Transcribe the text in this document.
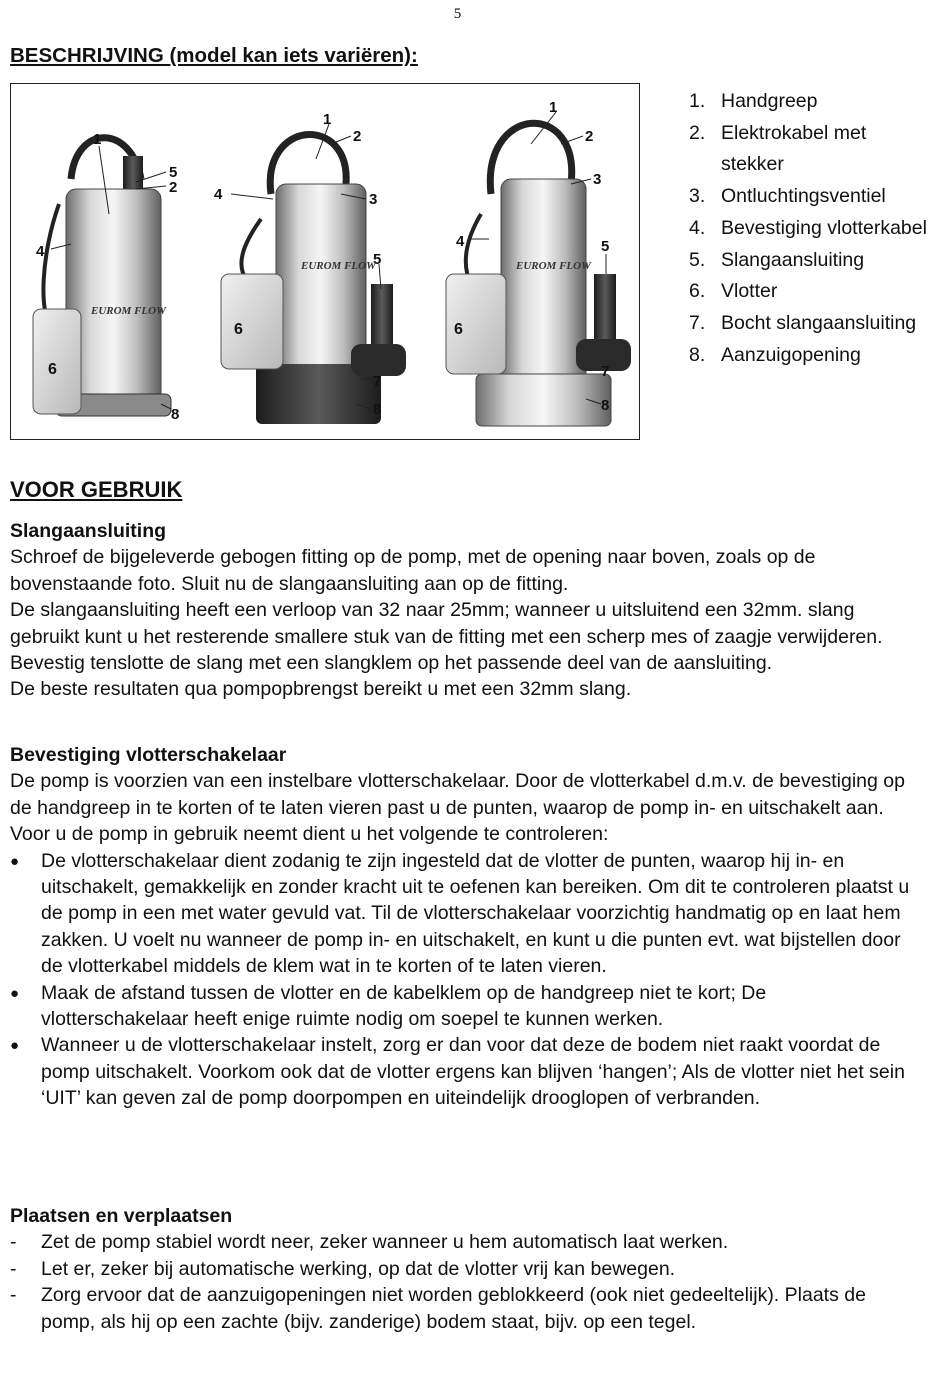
5
BESCHRIJVING (model kan iets variëren):
6
EUROM FLOW
6
EUROM FLOW
6
EUROM FLOW
1
5
2
4
8
1
2
3
4
5
7
8
1
2
3
4	5
7
8
1. Handgreep
2. Elektrokabel met stekker
3. Ontluchtingsventiel
4. Bevestiging vlotterkabel
5. Slangaansluiting
6. Vlotter
7. Bocht slangaansluiting
8. Aanzuigopening
VOOR GEBRUIK

Slangaansluiting

Schroef de bijgeleverde gebogen fitting op de pomp, met de opening naar boven, zoals op de bovenstaande foto. Sluit nu de slangaansluiting aan op de fitting.

De slangaansluiting heeft een verloop van 32 naar 25mm; wanneer u uitsluitend een 32mm. slang gebruikt kunt u het resterende smallere stuk van de fitting met een scherp mes of zaagje verwijderen. Bevestig tenslotte de slang met een slangklem op het passende deel van de aansluiting.

De beste resultaten qua pompopbrengst bereikt u met een 32mm slang.

Bevestiging vlotterschakelaar

De pomp is voorzien van een instelbare vlotterschakelaar. Door de vlotterkabel d.m.v. de bevestiging op de handgreep in te korten of te laten vieren past u de punten, waarop de pomp in- en uitschakelt aan.

Voor u de pomp in gebruik neemt dient u het volgende te controleren:

● De vlotterschakelaar dient zodanig te zijn ingesteld dat de vlotter de punten, waarop hij in- en uitschakelt, gemakkelijk en zonder kracht uit te oefenen kan bereiken. Om dit te controleren plaatst u de pomp in een met water gevuld vat. Til de vlotterschakelaar voorzichtig handmatig op en laat hem zakken. U voelt nu wanneer de pomp in- en uitschakelt, en kunt u die punten evt. wat bijstellen door de vlotterkabel middels de klem wat in te korten of te laten vieren.

● Maak de afstand tussen de vlotter en de kabelklem op de handgreep niet te kort; De vlotterschakelaar heeft enige ruimte nodig om soepel te kunnen werken.

● Wanneer u de vlotterschakelaar instelt, zorg er dan voor dat deze de bodem niet raakt voordat de pomp uitschakelt. Voorkom ook dat de vlotter ergens kan blijven ‘hangen’; Als de vlotter niet het sein ‘UIT’ kan geven zal de pomp doorpompen en uiteindelijk drooglopen of verbranden.

Plaatsen en verplaatsen

- Zet de pomp stabiel wordt neer, zeker wanneer u hem automatisch laat werken.

- Let er, zeker bij automatische werking, op dat de vlotter vrij kan bewegen.

- Zorg ervoor dat de aanzuigopeningen niet worden geblokkeerd (ook niet gedeeltelijk). Plaats de pomp, als hij op een zachte (bijv. zanderige) bodem staat, bijv. op een tegel.
